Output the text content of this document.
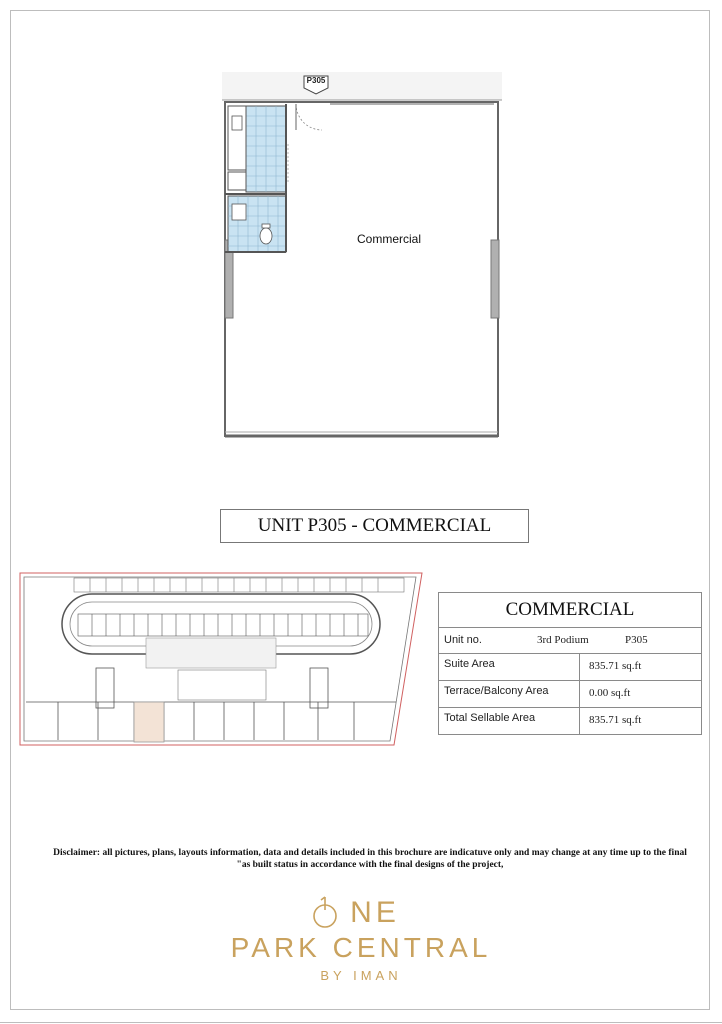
P305
Commercial
UNIT P305 - COMMERCIAL
COMMERCIAL
Unit no.	3rd Podium	P305
Suite Area	835.71 sq.ft
Terrace/Balcony Area	0.00 sq.ft
Total Sellable Area	835.71 sq.ft
Disclaimer: all pictures, plans, layouts information, data and details included in this brochure are indicatuve only and may change at any time up to the final
"as built status in accordance with the final designs of the project,
NE
PARK CENTRAL
BY IMAN
